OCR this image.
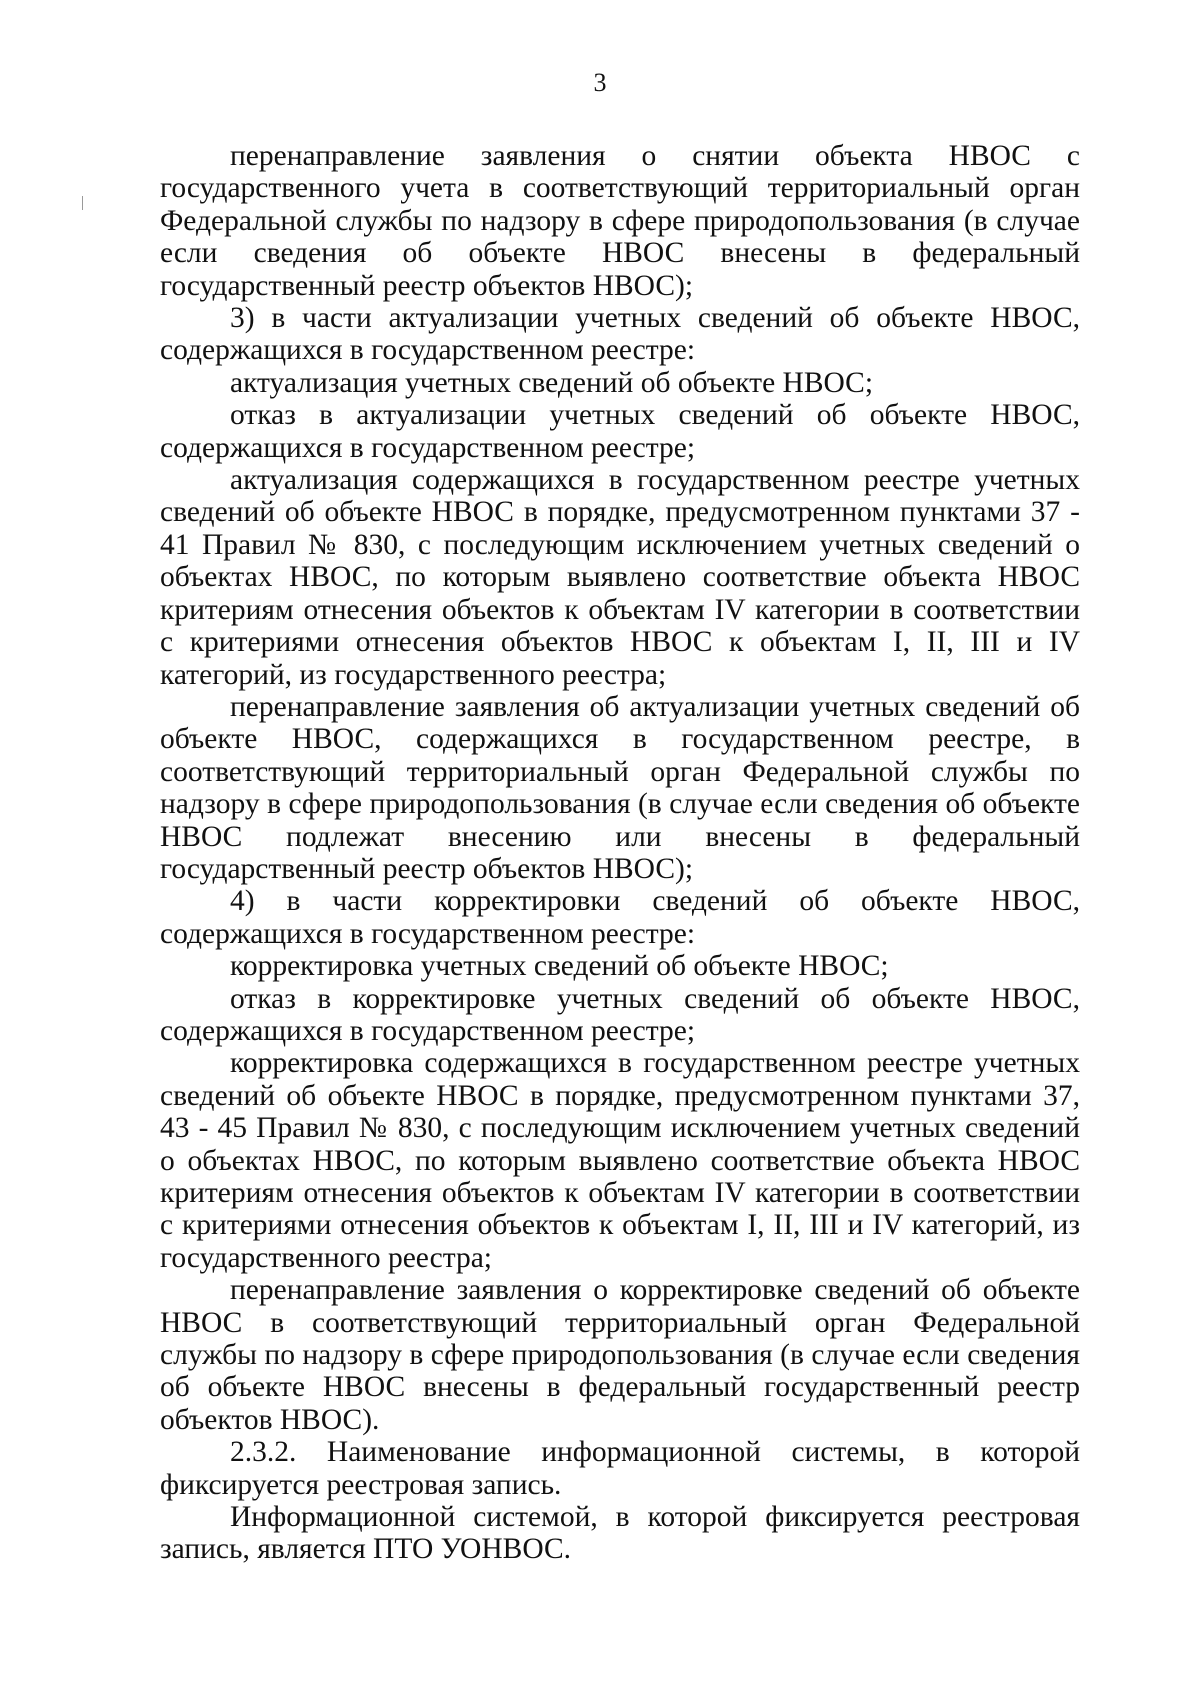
3

перенаправление заявления о снятии объекта НВОС с государственного учета в соответствующий территориальный орган Федеральной службы по надзору в сфере природопользования (в случае если сведения об объекте НВОС внесены в федеральный государственный реестр объектов НВОС);

3) в части актуализации учетных сведений об объекте НВОС, содержащихся в государственном реестре:

актуализация учетных сведений об объекте НВОС;

отказ в актуализации учетных сведений об объекте НВОС, содержащихся в государственном реестре;

актуализация содержащихся в государственном реестре учетных сведений об объекте НВОС в порядке, предусмотренном пунктами 37 - 41 Правил № 830, с последующим исключением учетных сведений о объектах НВОС, по которым выявлено соответствие объекта НВОС критериям отнесения объектов к объектам IV категории в соответствии с критериями отнесения объектов НВОС к объектам I, II, III и IV категорий, из государственного реестра;

перенаправление заявления об актуализации учетных сведений об объекте НВОС, содержащихся в государственном реестре, в соответствующий территориальный орган Федеральной службы по надзору в сфере природопользования (в случае если сведения об объекте НВОС подлежат внесению или внесены в федеральный государственный реестр объектов НВОС);

4) в части корректировки сведений об объекте НВОС, содержащихся в государственном реестре:

корректировка учетных сведений об объекте НВОС;

отказ в корректировке учетных сведений об объекте НВОС, содержащихся в государственном реестре;

корректировка содержащихся в государственном реестре учетных сведений об объекте НВОС в порядке, предусмотренном пунктами 37, 43 - 45 Правил № 830, с последующим исключением учетных сведений о объектах НВОС, по которым выявлено соответствие объекта НВОС критериям отнесения объектов к объектам IV категории в соответствии с критериями отнесения объектов к объектам I, II, III и IV категорий, из государственного реестра;

перенаправление заявления о корректировке сведений об объекте НВОС в соответствующий территориальный орган Федеральной службы по надзору в сфере природопользования (в случае если сведения об объекте НВОС внесены в федеральный государственный реестр объектов НВОС).

2.3.2. Наименование информационной системы, в которой фиксируется реестровая запись.

Информационной системой, в которой фиксируется реестровая запись, является ПТО УОНВОС.
